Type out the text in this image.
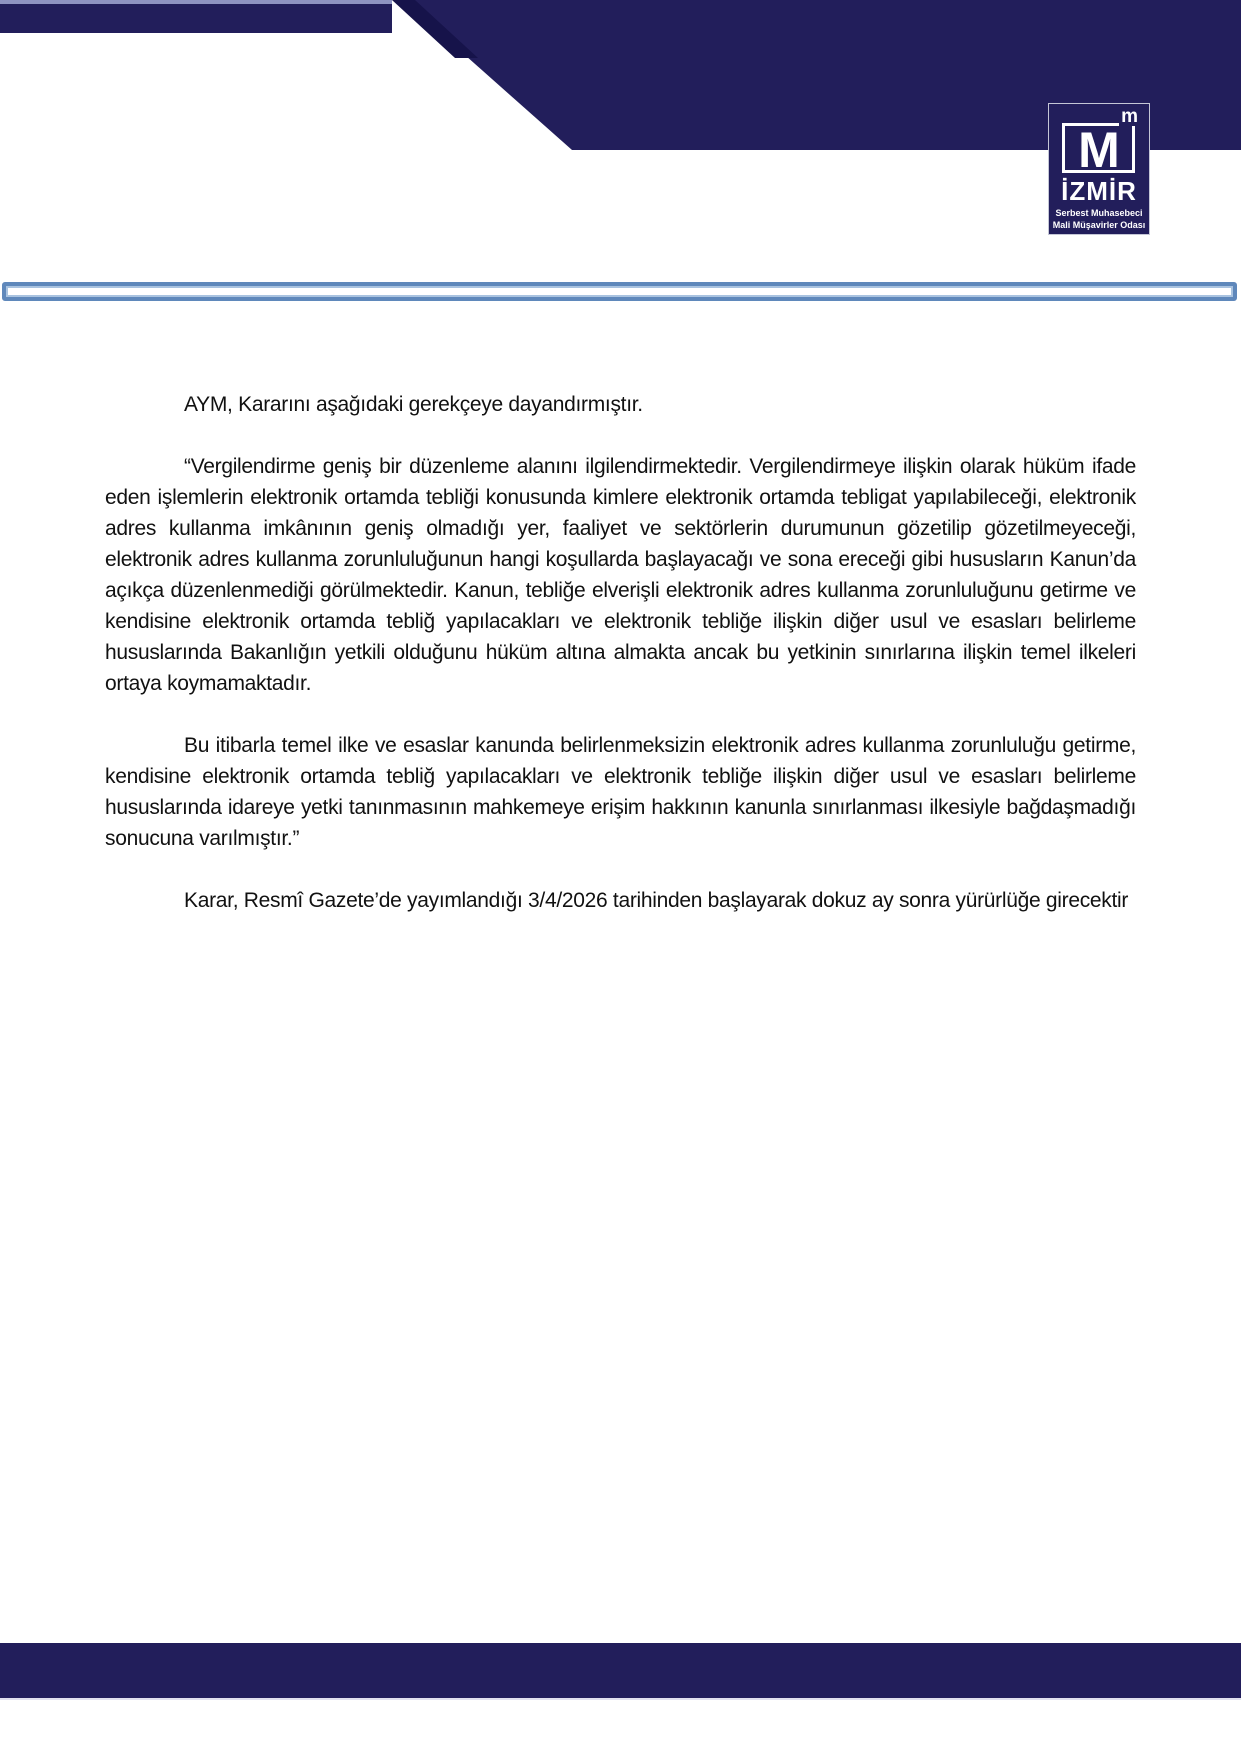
M
m
İZMİR
Serbest Muhasebeci
Mali Müşavirler Odası

AYM, Kararını aşağıdaki gerekçeye dayandırmıştır.

“Vergilendirme geniş bir düzenleme alanını ilgilendirmektedir. Vergilendirmeye ilişkin olarak hüküm ifade eden işlemlerin elektronik ortamda tebliği konusunda kimlere elektronik ortamda tebligat yapılabileceği, elektronik adres kullanma imkânının geniş olmadığı yer, faaliyet ve sektörlerin durumunun gözetilip gözetilmeyeceği, elektronik adres kullanma zorunluluğunun hangi koşullarda başlayacağı ve sona ereceği gibi hususların Kanun’da açıkça düzenlenmediği görülmektedir. Kanun, tebliğe elverişli elektronik adres kullanma zorunluluğunu getirme ve kendisine elektronik ortamda tebliğ yapılacakları ve elektronik tebliğe ilişkin diğer usul ve esasları belirleme hususlarında Bakanlığın yetkili olduğunu hüküm altına almakta ancak bu yetkinin sınırlarına ilişkin temel ilkeleri ortaya koymamaktadır.

Bu itibarla temel ilke ve esaslar kanunda belirlenmeksizin elektronik adres kullanma zorunluluğu getirme, kendisine elektronik ortamda tebliğ yapılacakları ve elektronik tebliğe ilişkin diğer usul ve esasları belirleme hususlarında idareye yetki tanınmasının mahkemeye erişim hakkının kanunla sınırlanması ilkesiyle bağdaşmadığı sonucuna varılmıştır.”

Karar, Resmî Gazete’de yayımlandığı 3/4/2026 tarihinden başlayarak dokuz ay sonra yürürlüğe girecektir
